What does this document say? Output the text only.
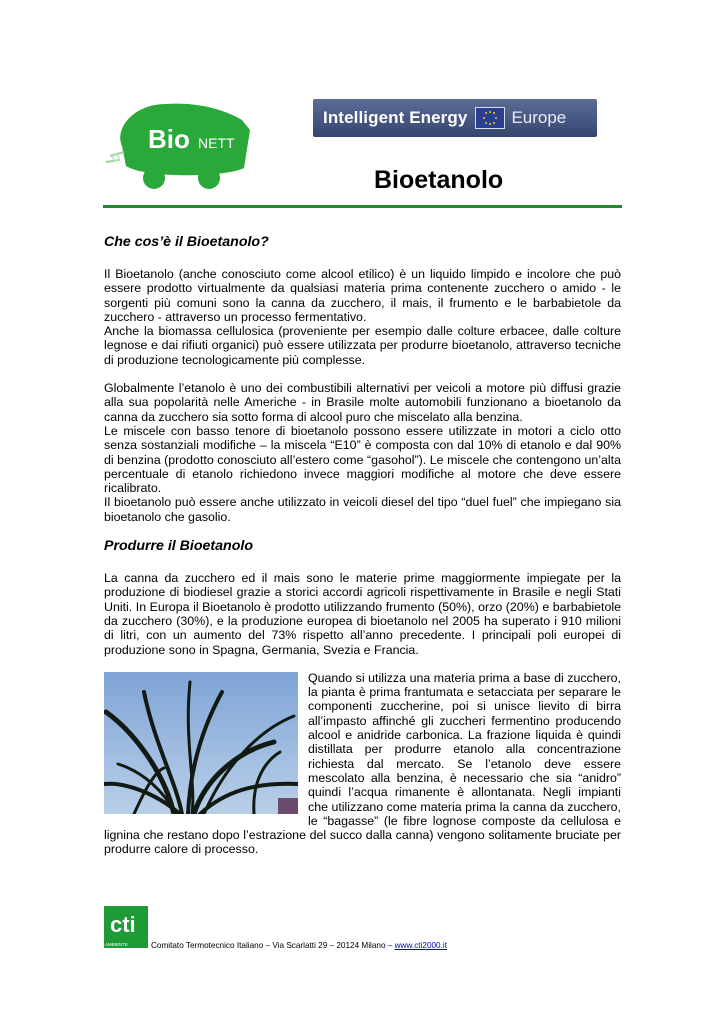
Bio NETT
Intelligent Energy	Europe
Bioetanolo
Che cos’è il Bioetanolo?

Il Bioetanolo (anche conosciuto come alcool etilico) è un liquido limpido e incolore che può essere prodotto virtualmente da qualsiasi materia prima contenente zucchero o amido - le sorgenti più comuni sono la canna da zucchero, il mais, il frumento e le barbabietole da zucchero - attraverso un processo fermentativo.

Anche la biomassa cellulosica (proveniente per esempio dalle colture erbacee, dalle colture legnose e dai rifiuti organici) può essere utilizzata per produrre bioetanolo, attraverso tecniche di produzione tecnologicamente più complesse.

Globalmente l’etanolo è uno dei combustibili alternativi per veicoli a motore più diffusi grazie alla sua popolarità nelle Americhe - in Brasile molte automobili funzionano a bioetanolo da canna da zucchero sia sotto forma di alcool puro che miscelato alla benzina.

Le miscele con basso tenore di bioetanolo possono essere utilizzate in motori a ciclo otto senza sostanziali modifiche – la miscela “E10” è composta con dal 10% di etanolo e dal 90% di benzina (prodotto conosciuto all’estero come “gasohol”). Le miscele che contengono un’alta percentuale di etanolo richiedono invece maggiori modifiche al motore che deve essere ricalibrato.

Il bioetanolo può essere anche utilizzato in veicoli diesel del tipo “duel fuel” che impiegano sia bioetanolo che gasolio.

Produrre il Bioetanolo

La canna da zucchero ed il mais sono le materie prime maggiormente impiegate per la produzione di biodiesel grazie a storici accordi agricoli rispettivamente in Brasile e negli Stati Uniti. In Europa il Bioetanolo è prodotto utilizzando frumento (50%), orzo (20%) e barbabietole da zucchero (30%), e la produzione europea di bioetanolo nel 2005 ha superato i 910 milioni di litri, con un aumento del 73% rispetto all’anno precedente. I principali poli europei di produzione sono in Spagna, Germania, Svezia e Francia.

Quando si utilizza una materia prima a base di zucchero, la pianta è prima frantumata e setacciata per separare le componenti zuccherine, poi si unisce lievito di birra all’impasto affinché gli zuccheri fermentino producendo alcool e anidride carbonica. La frazione liquida è quindi distillata per produrre etanolo alla concentrazione richiesta dal mercato. Se l’etanolo deve essere mescolato alla benzina, è necessario che sia “anidro” quindi l’acqua rimanente è allontanata. Negli impianti che utilizzano come materia prima la canna da zucchero, le “bagasse” (le fibre lognose composte da cellulosa e lignina che restano dopo l’estrazione del succo dalla canna) vengono solitamente bruciate per produrre calore di processo.

cti
AMBIENTE	Comitato Termotecnico Italiano – Via Scarlatti 29 – 20124 Milano – www.cti2000.it
